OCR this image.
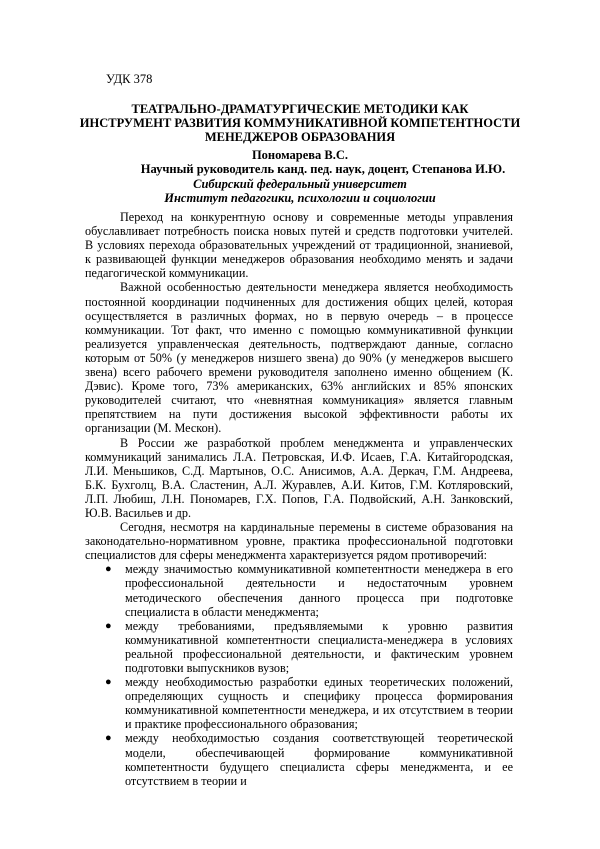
УДК 378
ТЕАТРАЛЬНО-ДРАМАТУРГИЧЕСКИЕ МЕТОДИКИ КАК
ИНСТРУМЕНТ РАЗВИТИЯ КОММУНИКАТИВНОЙ КОМПЕТЕНТНОСТИ
МЕНЕДЖЕРОВ ОБРАЗОВАНИЯ
Пономарева В.С.
Научный руководитель канд. пед. наук, доцент, Степанова И.Ю.
Сибирский федеральный университет
Институт педагогики, психологии и социологии

Переход на конкурентную основу и современные методы управления обуславливает потребность поиска новых путей и средств подготовки учителей. В условиях перехода образовательных учреждений от традиционной, знаниевой, к развивающей функции менеджеров образования необходимо менять и задачи педагогической коммуникации.

Важной особенностью деятельности менеджера является необходимость постоянной координации подчиненных для достижения общих целей, которая осуществляется в различных формах, но в первую очередь – в процессе коммуникации. Тот факт, что именно с помощью коммуникативной функции реализуется управленческая деятельность, подтверждают данные, согласно которым от 50% (у менеджеров низшего звена) до 90% (у менеджеров высшего звена) всего рабочего времени руководителя заполнено именно общением (К. Дэвис). Кроме того, 73% американских, 63% английских и 85% японских руководителей считают, что «невнятная коммуникация» является главным препятствием на пути достижения высокой эффективности работы их организации (М. Мескон).

В России же разработкой проблем менеджмента и управленческих коммуникаций занимались Л.А. Петровская, И.Ф. Исаев, Г.А. Китайгородская, Л.И. Меньшиков, С.Д. Мартынов, О.С. Анисимов, А.А. Деркач, Г.М. Андреева, Б.К. Бухголц, В.А. Сластенин, А.Л. Журавлев, А.И. Китов, Г.М. Котляровский, Л.П. Любиш, Л.Н. Пономарев, Г.Х. Попов, Г.А. Подвойский, А.Н. Занковский, Ю.В. Васильев и др.

Сегодня, несмотря на кардинальные перемены в системе образования на законодательно-нормативном уровне, практика профессиональной подготовки специалистов для сферы менеджмента характеризуется рядом противоречий:

● между значимостью коммуникативной компетентности менеджера в его профессиональной деятельности и недостаточным уровнем методического обеспечения данного процесса при подготовке специалиста в области менеджмента;
● между требованиями, предъявляемыми к уровню развития коммуникативной компетентности специалиста-менеджера в условиях реальной профессиональной деятельности, и фактическим уровнем подготовки выпускников вузов;
● между необходимостью разработки единых теоретических положений, определяющих сущность и специфику процесса формирования коммуникативной компетентности менеджера, и их отсутствием в теории и практике профессионального образования;
● между необходимостью создания соответствующей теоретической модели, обеспечивающей формирование коммуникативной компетентности будущего специалиста сферы менеджмента, и ее отсутствием в теории и
